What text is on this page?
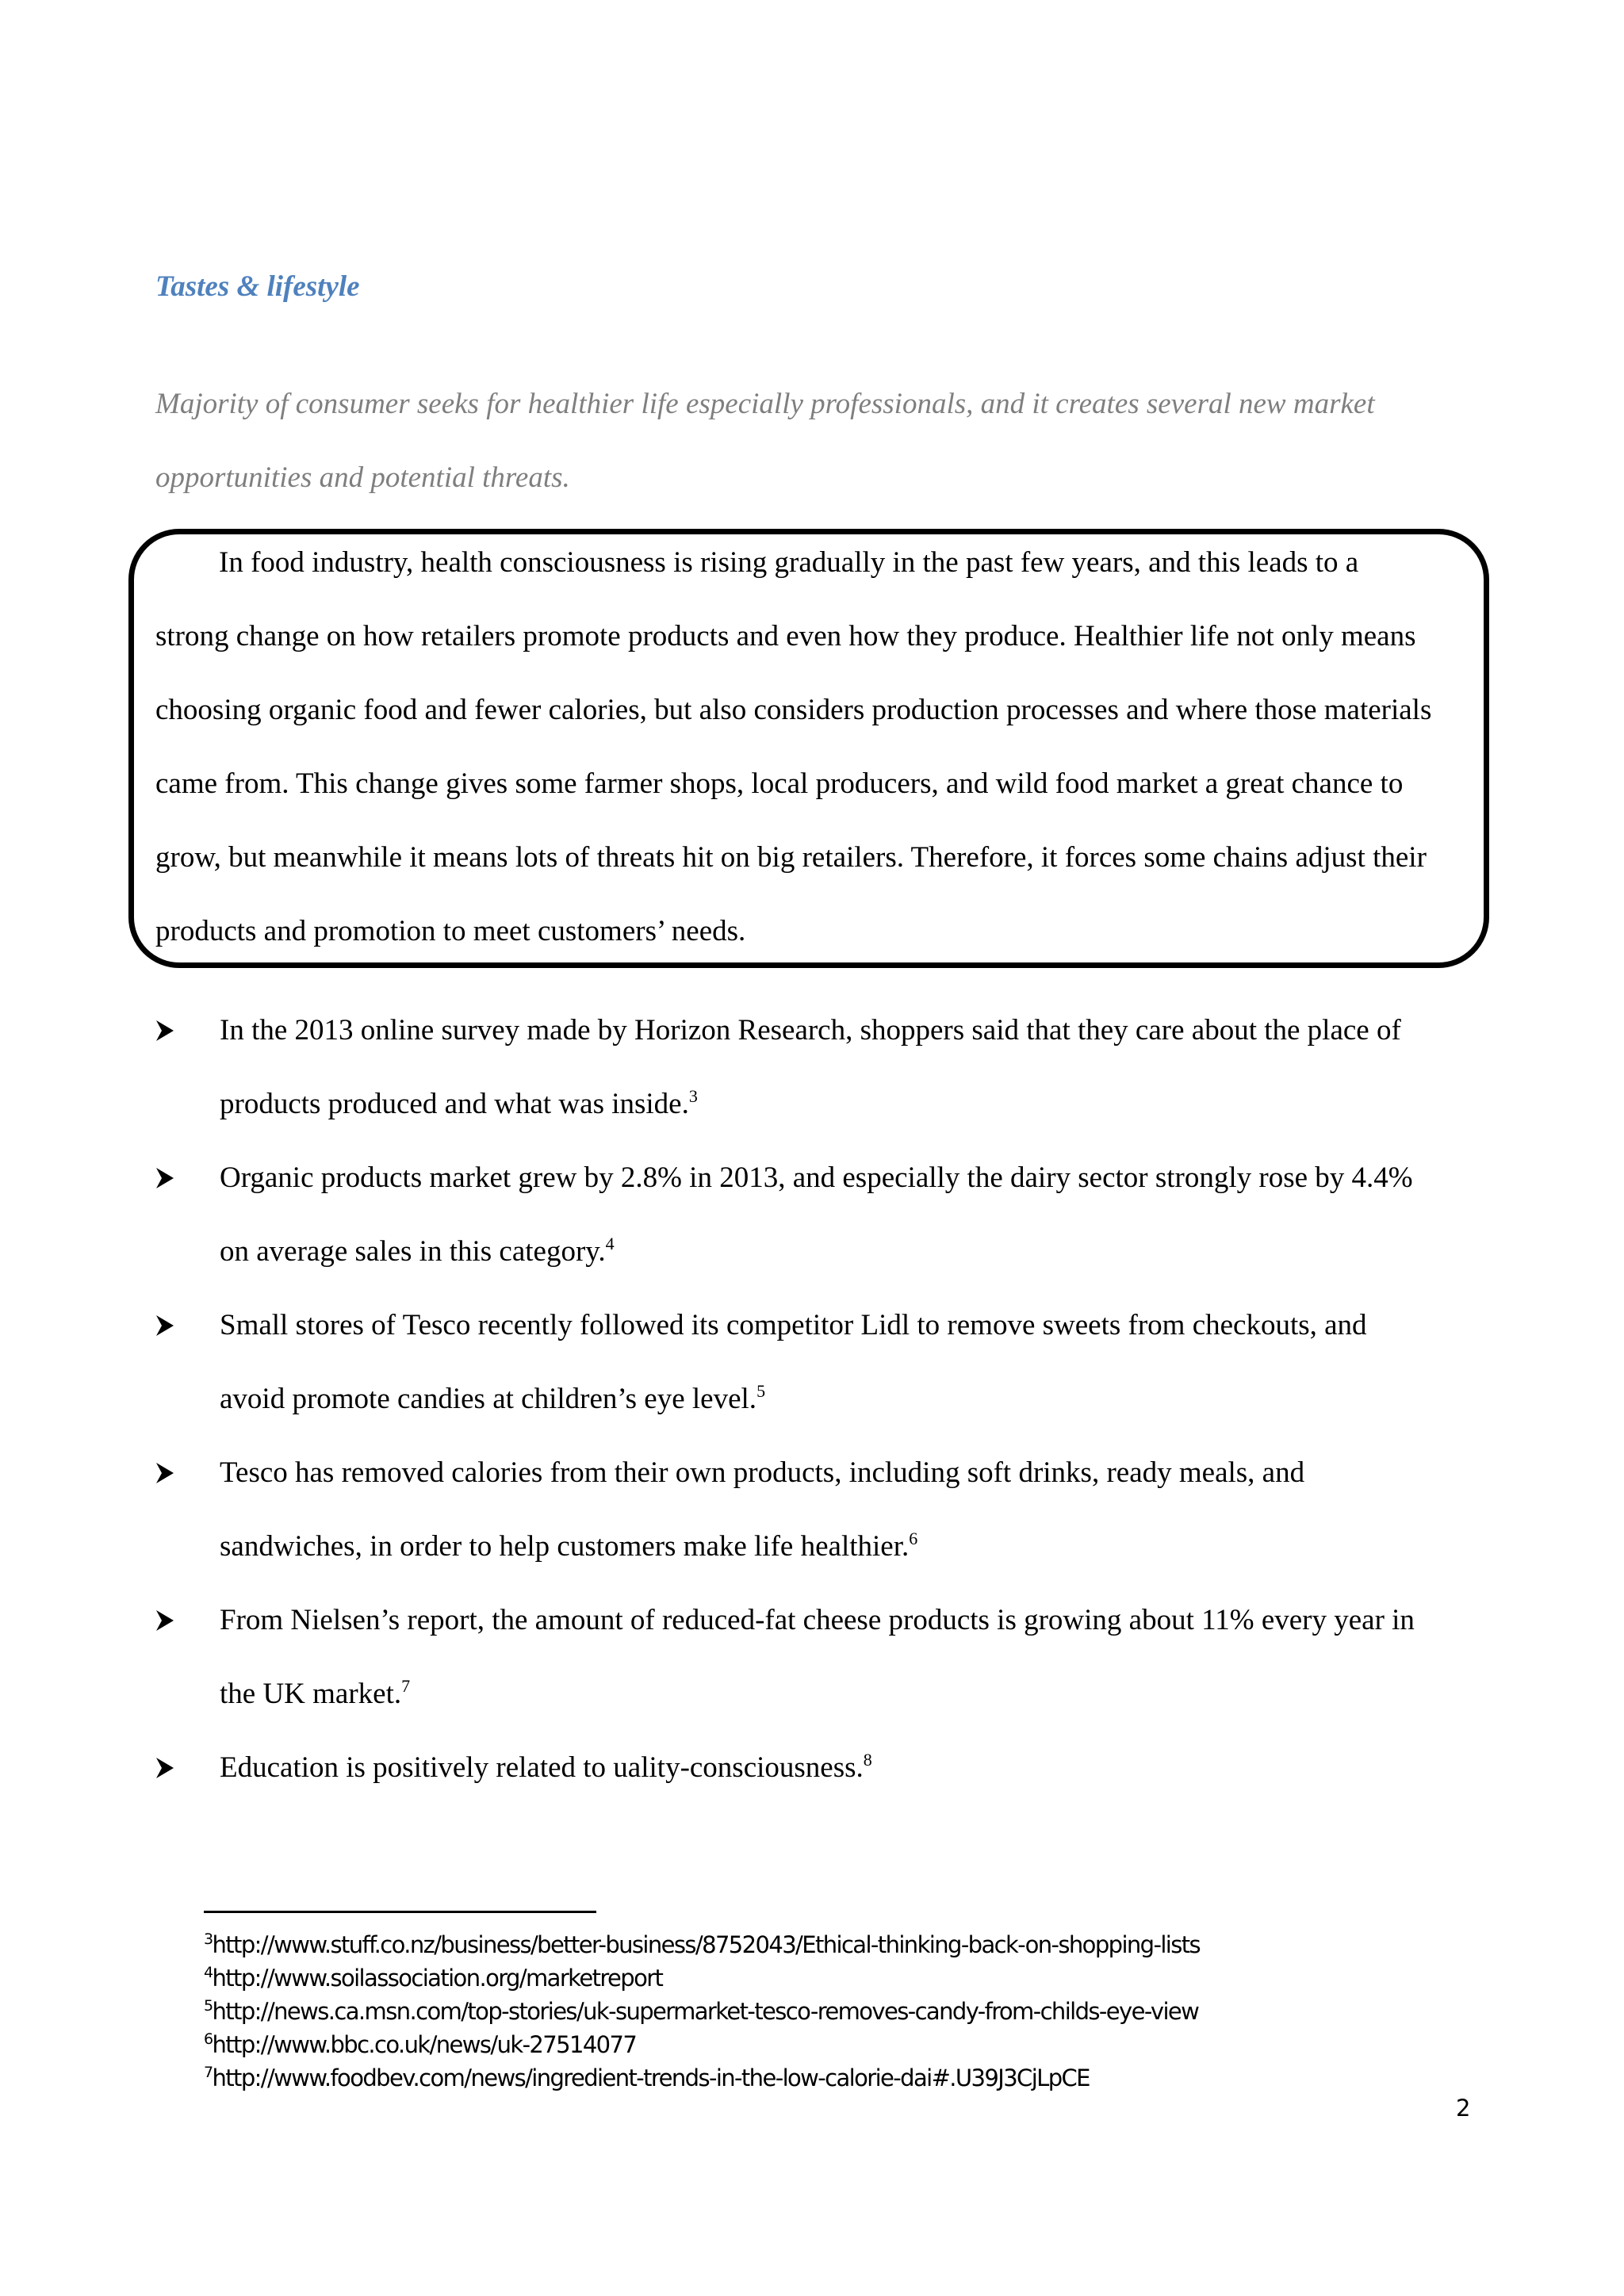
Tastes & lifestyle
Majority of consumer seeks for healthier life especially professionals, and it creates several new market
opportunities and potential threats.
In food industry, health consciousness is rising gradually in the past few years, and this leads to a
strong change on how retailers promote products and even how they produce. Healthier life not only means
choosing organic food and fewer calories, but also considers production processes and where those materials
came from. This change gives some farmer shops, local producers, and wild food market a great chance to
grow, but meanwhile it means lots of threats hit on big retailers. Therefore, it forces some chains adjust their
products and promotion to meet customers’ needs.
In the 2013 online survey made by Horizon Research, shoppers said that they care about the place of
products produced and what was inside.$^3$
Organic products market grew by 2.8% in 2013, and especially the dairy sector strongly rose by 4.4%
on average sales in this category.$^4$
Small stores of Tesco recently followed its competitor Lidl to remove sweets from checkouts, and
avoid promote candies at children’s eye level.$^5$
Tesco has removed calories from their own products, including soft drinks, ready meals, and
sandwiches, in order to help customers make life healthier.$^6$
From Nielsen’s report, the amount of reduced-fat cheese products is growing about 11% every year in
the UK market.$^7$
Education is positively related to uality-consciousness.$^8$
$^3$http://www.stuff.co.nz/business/better-business/8752043/Ethical-thinking-back-on-shopping-lists
$^4$http://www.soilassociation.org/marketreport
$^5$http://news.ca.msn.com/top-stories/uk-supermarket-tesco-removes-candy-from-childs-eye-view
$^6$http://www.bbc.co.uk/news/uk-27514077
$^7$http://www.foodbev.com/news/ingredient-trends-in-the-low-calorie-dai#.U39J3CjLpCE
2
